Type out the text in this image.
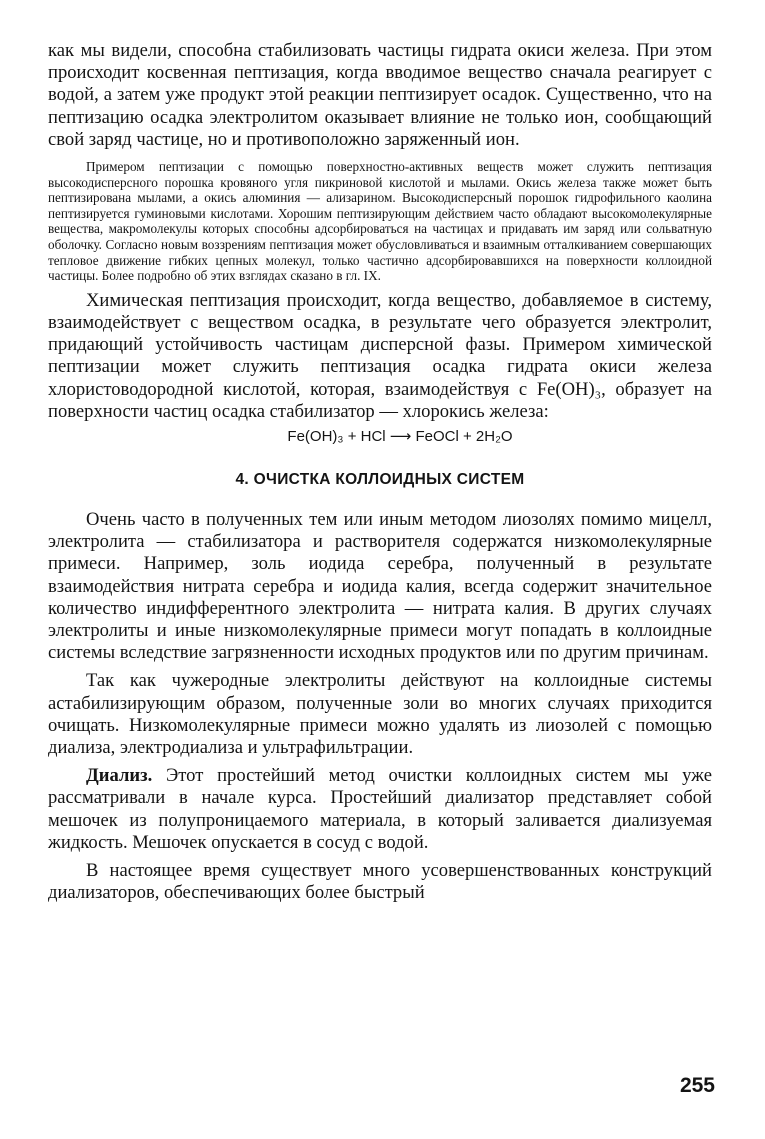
как мы видели, способна стабилизовать частицы гидрата окиси железа. При этом происходит косвенная пептизация, когда вводимое вещество сначала реагирует с водой, а затем уже продукт этой реакции пептизирует осадок. Существенно, что на пептизацию осадка электролитом оказывает влияние не только ион, сообщающий свой заряд частице, но и противоположно заряженный ион.

Примером пептизации с помощью поверхностно-активных веществ может служить пептизация высокодисперсного порошка кровяного угля пикриновой кислотой и мылами. Окись железа также может быть пептизирована мылами, а окись алюминия — ализарином. Высокодисперсный порошок гидрофильного каолина пептизируется гуминовыми кислотами. Хорошим пептизирующим действием часто обладают высокомолекулярные вещества, макромолекулы которых способны адсорбироваться на частицах и придавать им заряд или сольватную оболочку. Согласно новым воззрениям пептизация может обусловливаться и взаимным отталкиванием совершающих тепловое движение гибких цепных молекул, только частично адсорбировавшихся на поверхности коллоидной частицы. Более подробно об этих взглядах сказано в гл. IX.

Химическая пептизация происходит, когда вещество, добавляемое в систему, взаимодействует с веществом осадка, в результате чего образуется электролит, придающий устойчивость частицам дисперсной фазы. Примером химической пептизации может служить пептизация осадка гидрата окиси железа хлористоводородной кислотой, которая, взаимодействуя с Fe(OH)₃, образует на поверхности частиц осадка стабилизатор — хлорокись железа:

Fe(OH)₃ + HCl ⟶ FeOCl + 2H₂O

4. ОЧИСТКА КОЛЛОИДНЫХ СИСТЕМ

Очень часто в полученных тем или иным методом лиозолях помимо мицелл, электролита — стабилизатора и растворителя содержатся низкомолекулярные примеси. Например, золь иодида серебра, полученный в результате взаимодействия нитрата серебра и иодида калия, всегда содержит значительное количество индифферентного электролита — нитрата калия. В других случаях электролиты и иные низкомолекулярные примеси могут попадать в коллоидные системы вследствие загрязненности исходных продуктов или по другим причинам.

Так как чужеродные электролиты действуют на коллоидные системы астабилизирующим образом, полученные золи во многих случаях приходится очищать. Низкомолекулярные примеси можно удалять из лиозолей с помощью диализа, электродиализа и ультрафильтрации.

Диализ. Этот простейший метод очистки коллоидных систем мы уже рассматривали в начале курса. Простейший диализатор представляет собой мешочек из полупроницаемого материала, в который заливается диализуемая жидкость. Мешочек опускается в сосуд с водой.

В настоящее время существует много усовершенствованных конструкций диализаторов, обеспечивающих более быстрый

255
